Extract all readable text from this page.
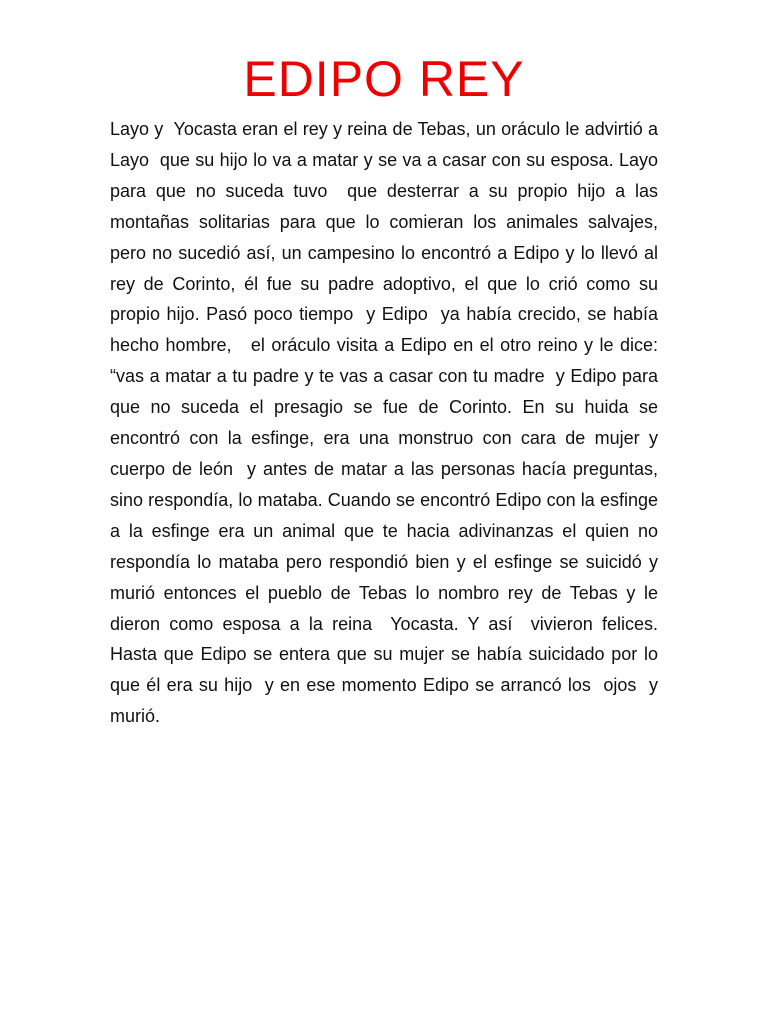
EDIPO REY

Layo y  Yocasta eran el rey y reina de Tebas, un oráculo le advirtió a Layo  que su hijo lo va a matar y se va a casar con su esposa. Layo para que no suceda tuvo  que desterrar a su propio hijo a las montañas solitarias para que lo comieran los animales salvajes, pero no sucedió así, un campesino lo encontró a Edipo y lo llevó al rey de Corinto, él fue su padre adoptivo, el que lo crió como su propio hijo. Pasó poco tiempo  y Edipo  ya había crecido, se había hecho hombre,   el oráculo visita a Edipo en el otro reino y le dice: “vas a matar a tu padre y te vas a casar con tu madre  y Edipo para que no suceda el presagio se fue de Corinto. En su huida se encontró con la esfinge, era una monstruo con cara de mujer y cuerpo de león  y antes de matar a las personas hacía preguntas, sino respondía, lo mataba. Cuando se encontró Edipo con la esfinge a la esfinge era un animal que te hacia adivinanzas el quien no respondía lo mataba pero respondió bien y el esfinge se suicidó y murió entonces el pueblo de Tebas lo nombro rey de Tebas y le dieron como esposa a la reina  Yocasta. Y así  vivieron felices.   Hasta que Edipo se entera que su mujer se había suicidado por lo que él era su hijo  y en ese momento Edipo se arrancó los  ojos  y murió.
